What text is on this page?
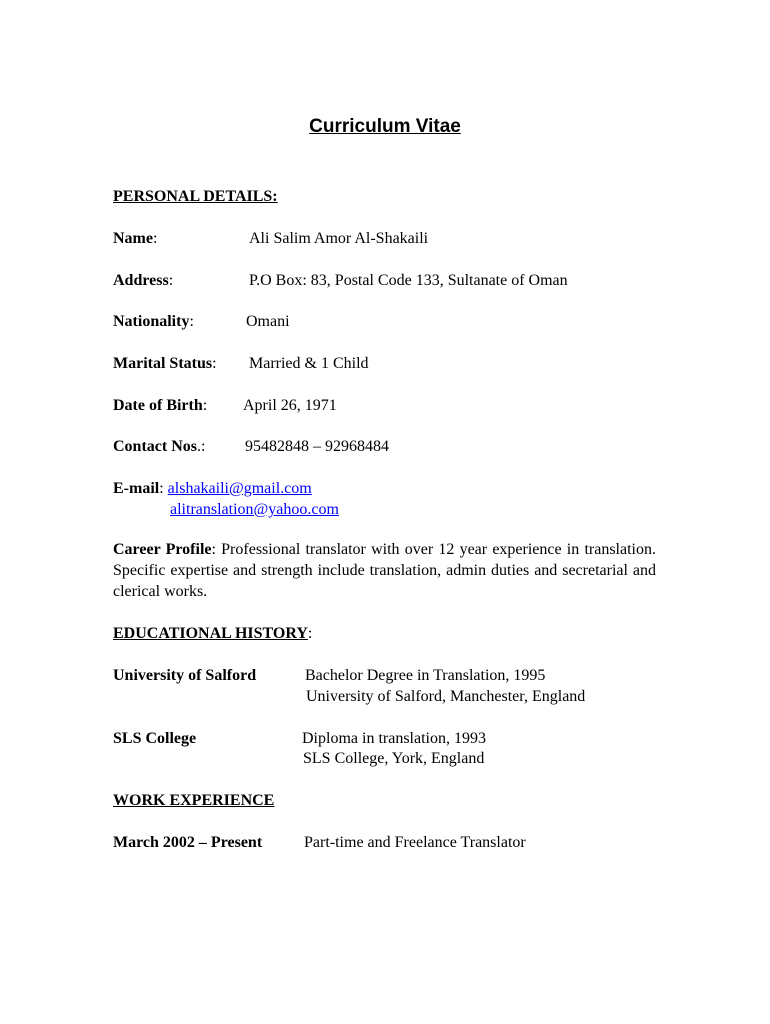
Curriculum Vitae
PERSONAL DETAILS:
Name:	Ali Salim Amor Al-Shakaili
Address:	P.O Box: 83, Postal Code 133, Sultanate of Oman
Nationality:	Omani
Marital Status: Married & 1 Child
Date of Birth: April 26, 1971
Contact Nos.: 95482848 – 92968484
E-mail: alshakaili@gmail.com
alitranslation@yahoo.com
Career Profile: Professional translator with over 12 year experience in translation. Specific expertise and strength include translation, admin duties and secretarial and clerical works.
EDUCATIONAL HISTORY:
University of Salford	Bachelor Degree in Translation, 1995
University of Salford, Manchester, England
SLS College	Diploma in translation, 1993
SLS College, York, England
WORK EXPERIENCE
March 2002 – Present	Part-time and Freelance Translator
